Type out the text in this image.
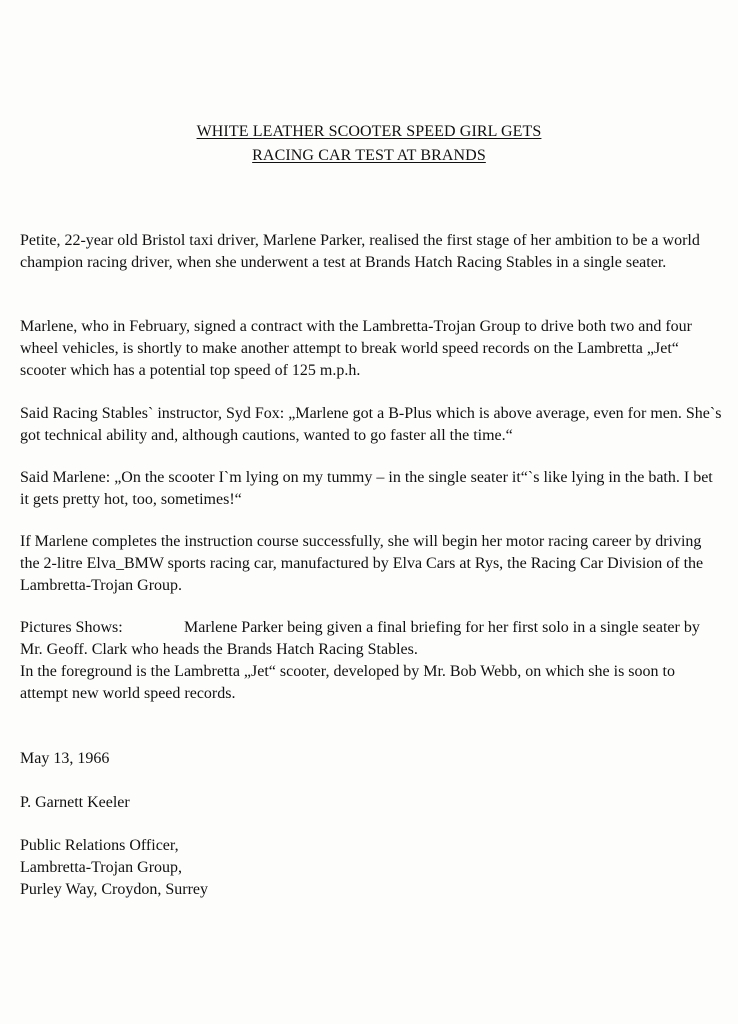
WHITE LEATHER SCOOTER SPEED GIRL GETS
RACING CAR TEST AT BRANDS

Petite, 22-year old Bristol taxi driver, Marlene Parker, realised the first stage of her ambition to be a world champion racing driver, when she underwent a test at Brands Hatch Racing Stables in a single seater.

Marlene, who in February, signed a contract with the Lambretta-Trojan Group to drive both two and four wheel vehicles, is shortly to make another attempt to break world speed records on the Lambretta „Jet“ scooter which has a potential top speed of 125 m.p.h.

Said Racing Stables` instructor, Syd Fox: „Marlene got a B-Plus which is above average, even for men. She`s got technical ability and, although cautions, wanted to go faster all the time.“

Said Marlene: „On the scooter I`m lying on my tummy – in the single seater it“`s like lying in the bath. I bet it gets pretty hot, too, sometimes!“

If Marlene completes the instruction course successfully, she will begin her motor racing career by driving the 2-litre Elva_BMW sports racing car, manufactured by Elva Cars at Rys, the Racing Car Division of the Lambretta-Trojan Group.

Pictures Shows:	Marlene Parker being given a final briefing for her first solo in a single seater by Mr. Geoff. Clark who heads the Brands Hatch Racing Stables.
In the foreground is the Lambretta „Jet“ scooter, developed by Mr. Bob Webb, on which she is soon to attempt new world speed records.
May 13, 1966
P. Garnett Keeler
Public Relations Officer,
Lambretta-Trojan Group,
Purley Way, Croydon, Surrey
